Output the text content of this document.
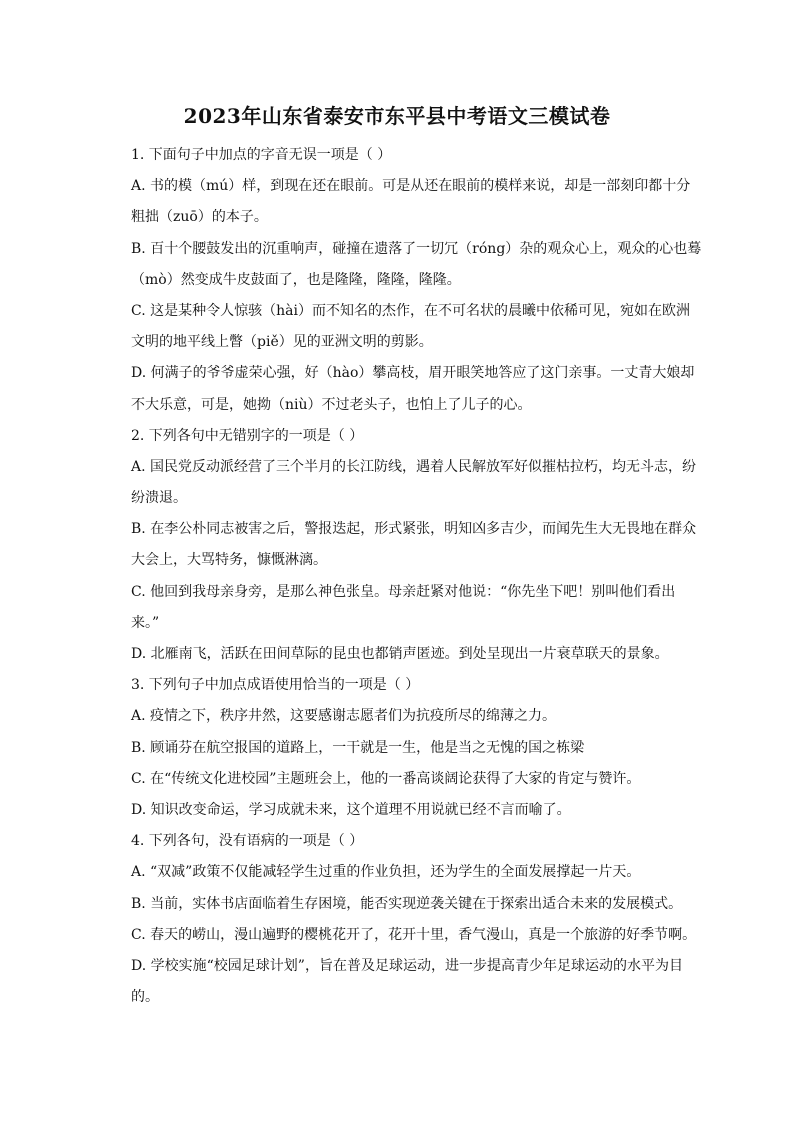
2023年山东省泰安市东平县中考语文三模试卷
1. 下面句子中加点的字音无误一项是（ ）
A. 书的模（mú）样，到现在还在眼前。可是从还在眼前的模样来说，却是一部刻印都十分
粗拙（zuō）的本子。
B. 百十个腰鼓发出的沉重响声，碰撞在遗落了一切冗（róng）杂的观众心上，观众的心也蓦
（mò）然变成牛皮鼓面了，也是隆隆，隆隆，隆隆。
C. 这是某种令人惊骇（hài）而不知名的杰作，在不可名状的晨曦中依稀可见，宛如在欧洲
文明的地平线上瞥（piě）见的亚洲文明的剪影。
D. 何满子的爷爷虚荣心强，好（hào）攀高枝，眉开眼笑地答应了这门亲事。一丈青大娘却
不大乐意，可是，她拗（niù）不过老头子，也怕上了儿子的心。
2. 下列各句中无错别字的一项是（ ）
A. 国民党反动派经营了三个半月的长江防线，遇着人民解放军好似摧枯拉朽，均无斗志，纷
纷溃退。
B. 在李公朴同志被害之后，警报迭起，形式紧张，明知凶多吉少，而闻先生大无畏地在群众
大会上，大骂特务，慷慨淋漓。
C. 他回到我母亲身旁，是那么神色张皇。母亲赶紧对他说：“你先坐下吧！别叫他们看出
来。”
D. 北雁南飞，活跃在田间草际的昆虫也都销声匿迹。到处呈现出一片衰草联天的景象。
3. 下列句子中加点成语使用恰当的一项是（ ）
A. 疫情之下，秩序井然，这要感谢志愿者们为抗疫所尽的绵薄之力。
B. 顾诵芬在航空报国的道路上，一干就是一生，他是当之无愧的国之栋梁
C. 在“传统文化进校园”主题班会上，他的一番高谈阔论获得了大家的肯定与赞许。
D. 知识改变命运，学习成就未来，这个道理不用说就已经不言而喻了。
4. 下列各句，没有语病的一项是（ ）
A. “双减”政策不仅能减轻学生过重的作业负担，还为学生的全面发展撑起一片天。
B. 当前，实体书店面临着生存困境，能否实现逆袭关键在于探索出适合未来的发展模式。
C. 春天的崂山，漫山遍野的樱桃花开了，花开十里，香气漫山，真是一个旅游的好季节啊。
D. 学校实施“校园足球计划”，旨在普及足球运动，进一步提高青少年足球运动的水平为目
的。
